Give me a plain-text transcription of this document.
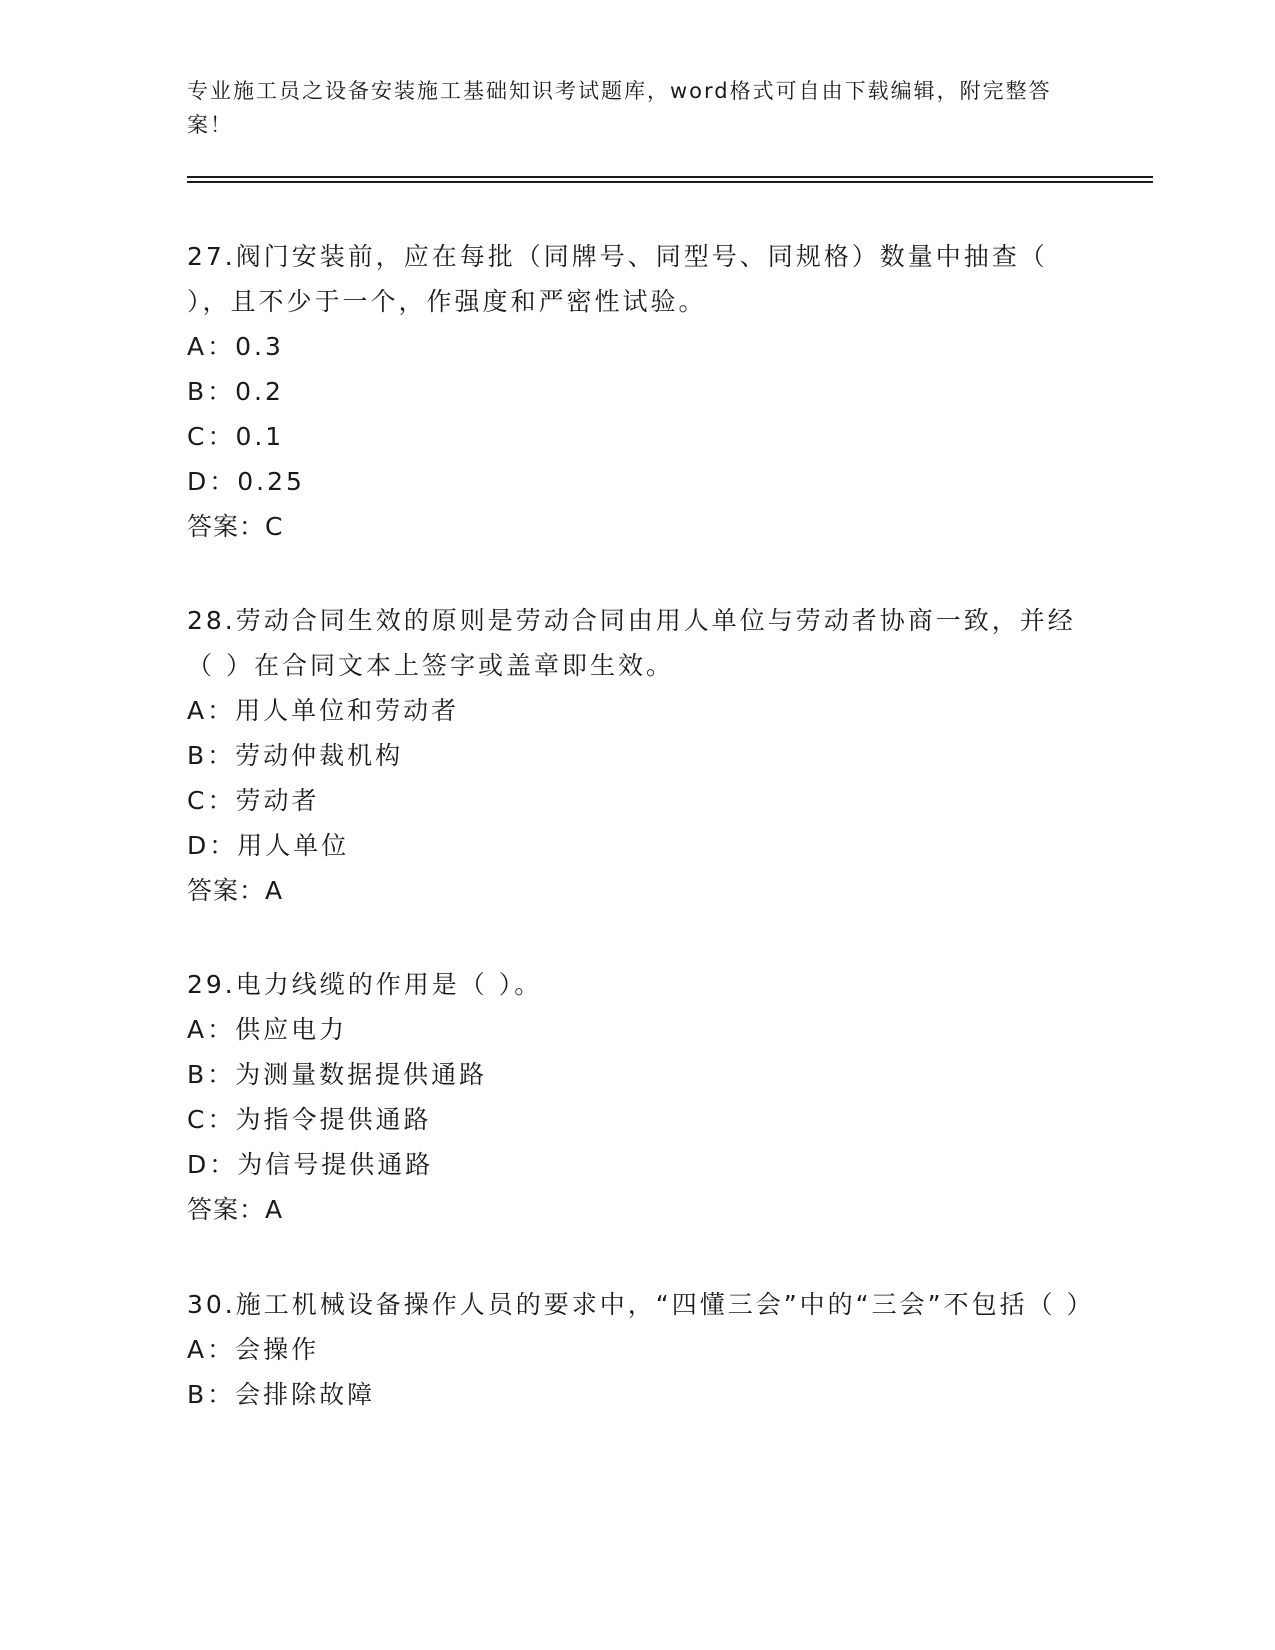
专业施工员之设备安装施工基础知识考试题库，word格式可自由下载编辑，附完整答案！

27.阀门安装前，应在每批（同牌号、同型号、同规格）数量中抽查（ ），且不少于一个，作强度和严密性试验。

A：0.3

B：0.2

C：0.1

D：0.25

答案：C

28.劳动合同生效的原则是劳动合同由用人单位与劳动者协商一致，并经（ ）在合同文本上签字或盖章即生效。

A：用人单位和劳动者

B：劳动仲裁机构

C：劳动者

D：用人单位

答案：A

29.电力线缆的作用是（ ）。

A：供应电力

B：为测量数据提供通路

C：为指令提供通路

D：为信号提供通路

答案：A

30.施工机械设备操作人员的要求中，“四懂三会”中的“三会”不包括（ ）

A：会操作

B：会排除故障
